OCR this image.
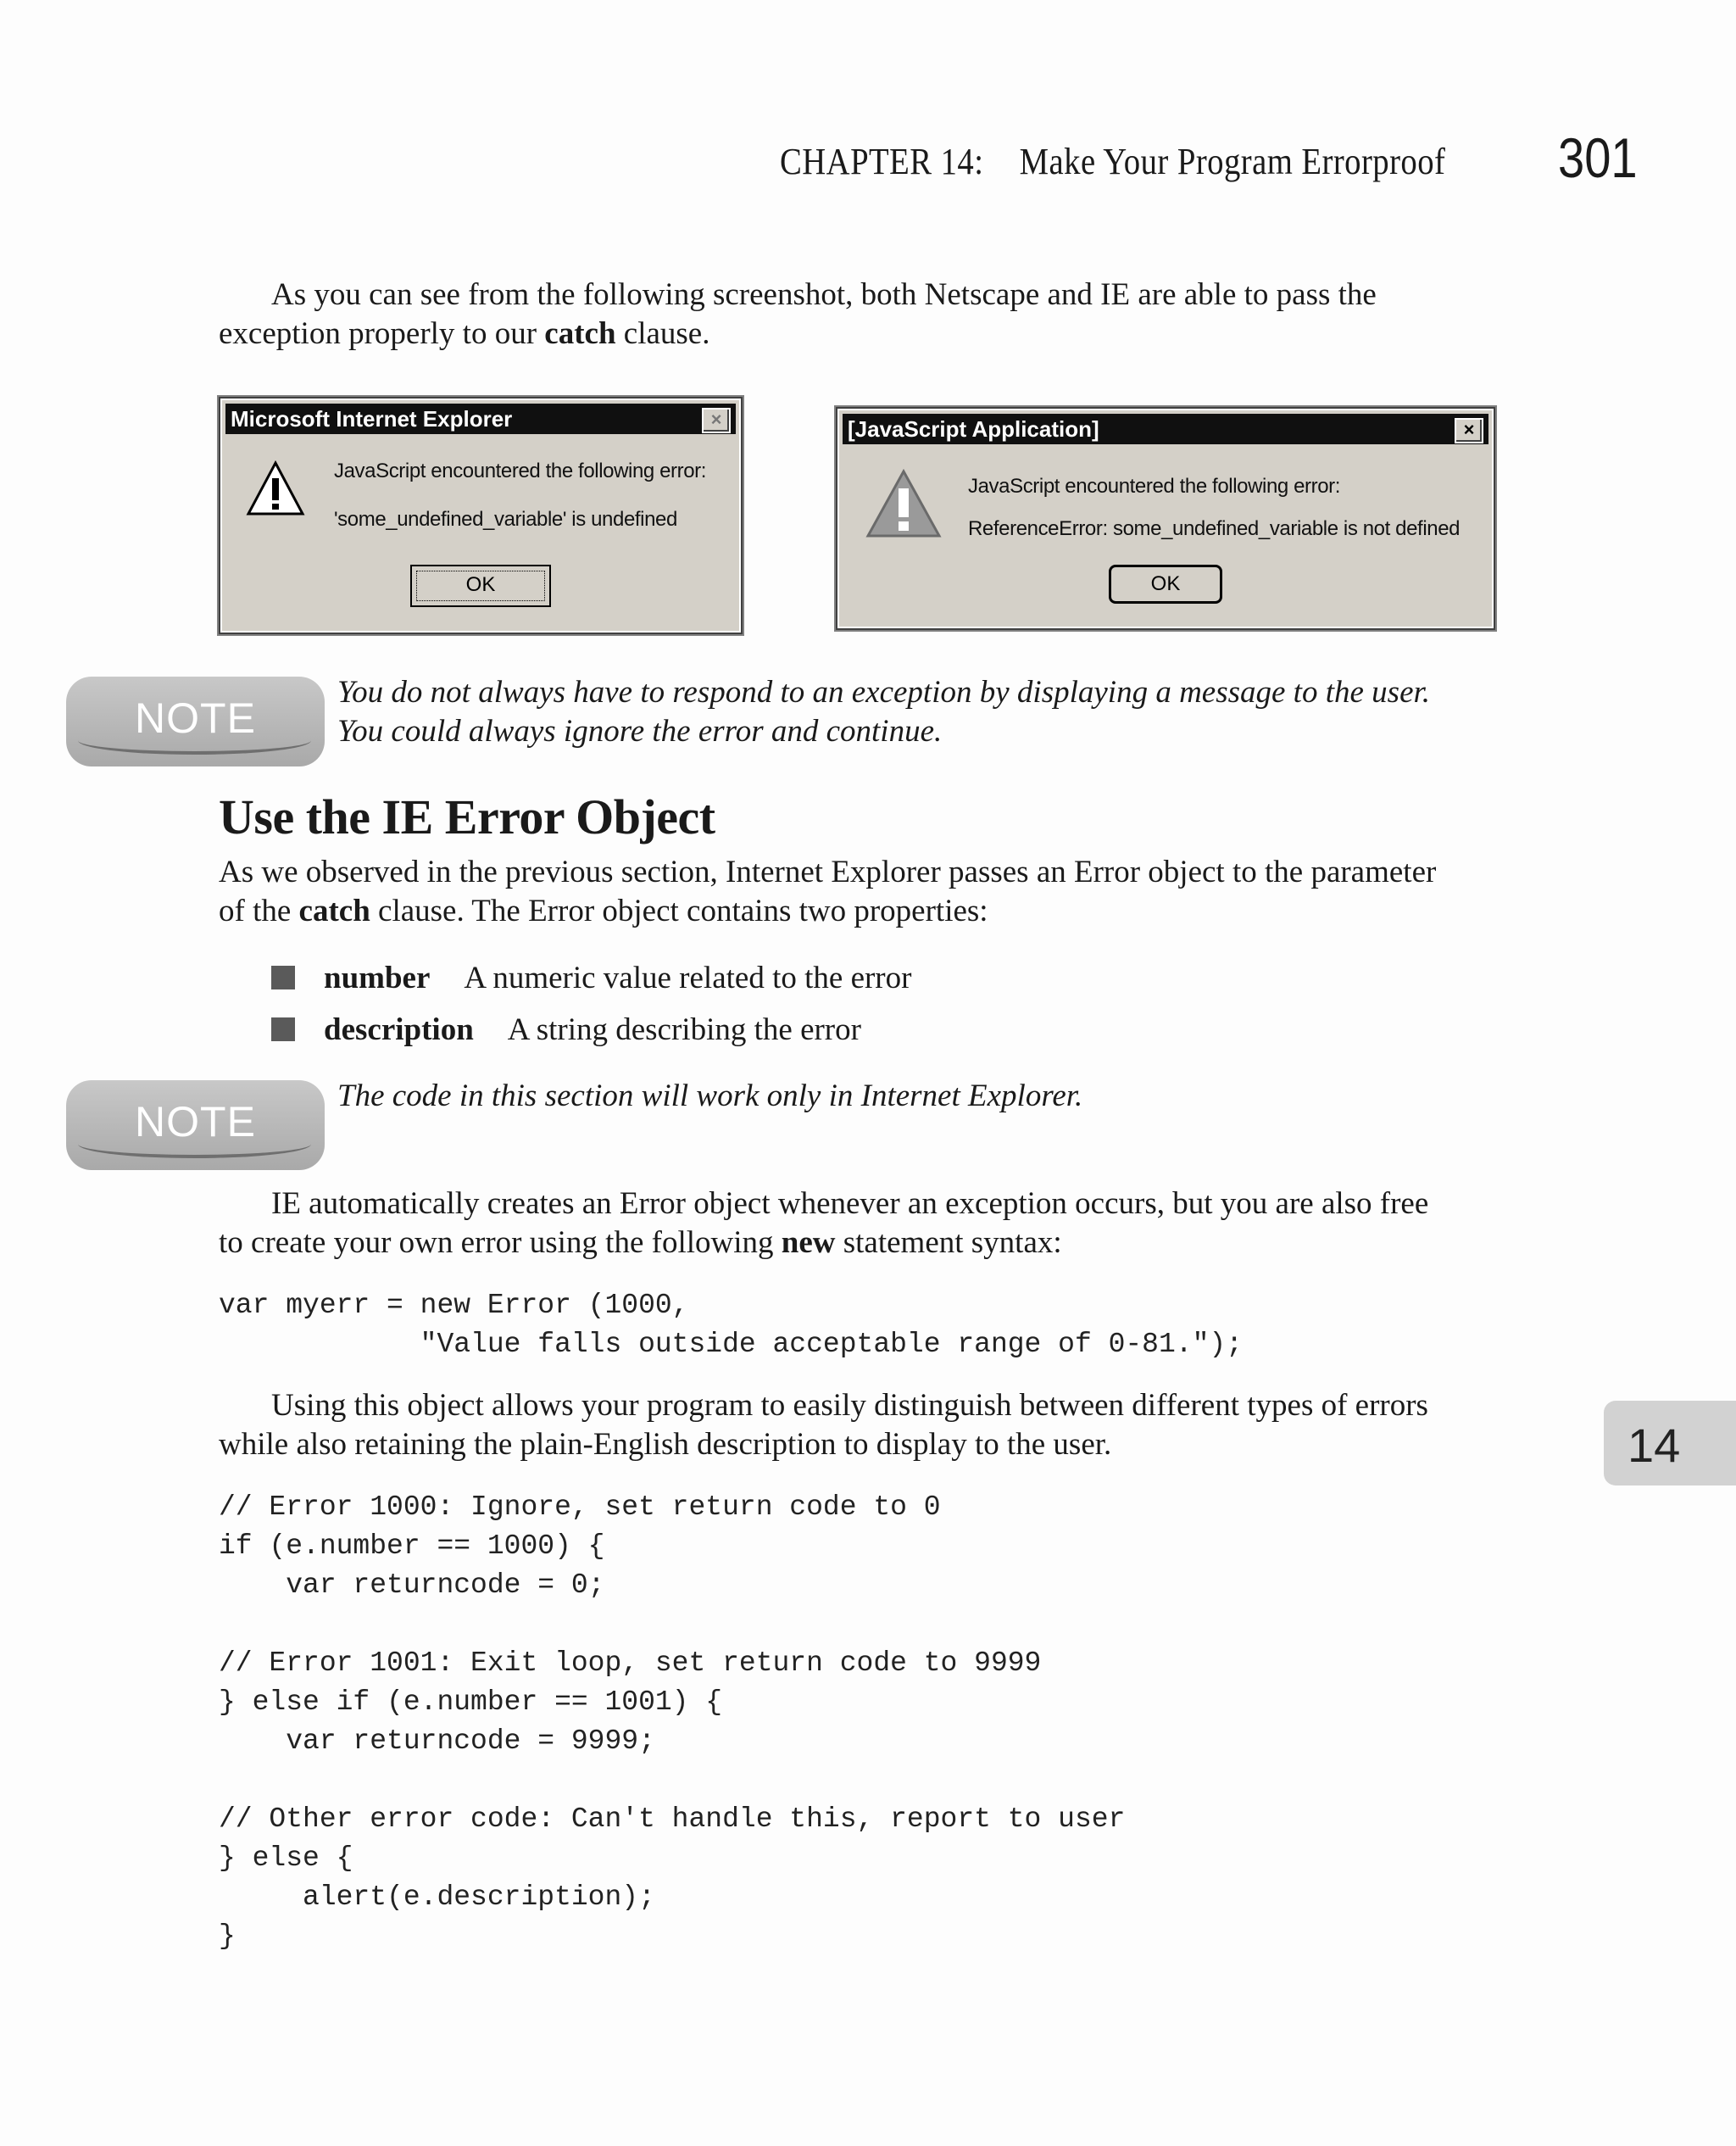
CHAPTER 14: Make Your Program Errorproof 301

As you can see from the following screenshot, both Netscape and IE are able to pass the exception properly to our catch clause.

Microsoft Internet Explorer	×
JavaScript encountered the following error:
'some_undefined_variable' is undefined
OK
[JavaScript Application]	×
JavaScript encountered the following error:
ReferenceError: some_undefined_variable is not defined
OK
NOTE
You do not always have to respond to an exception by displaying a message to the user.
You could always ignore the error and continue.
Use the IE Error Object

As we observed in the previous section, Internet Explorer passes an Error object to the parameter
of the catch clause. The Error object contains two properties:

number A numeric value related to the error
description A string describing the error
NOTE
The code in this section will work only in Internet Explorer.

IE automatically creates an Error object whenever an exception occurs, but you are also free
to create your own error using the following new statement syntax:

var myerr = new Error (1000,
"Value falls outside acceptable range of 0-81.");

Using this object allows your program to easily distinguish between different types of errors
while also retaining the plain-English description to display to the user.

// Error 1000: Ignore, set return code to 0
if (e.number == 1000) {
var returncode = 0;

// Error 1001: Exit loop, set return code to 9999
} else if (e.number == 1001) {
var returncode = 9999;

// Other error code: Can't handle this, report to user
} else {
alert(e.description);
}
14
